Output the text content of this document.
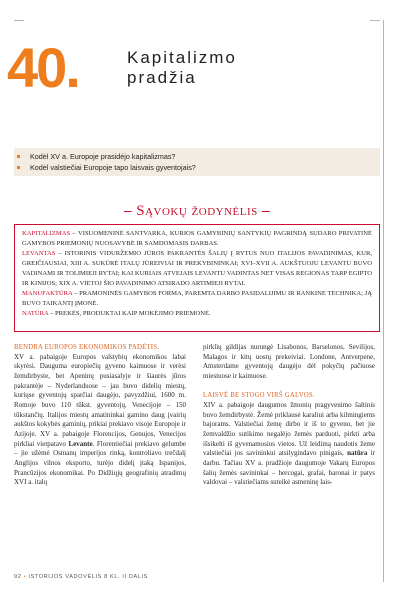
40.	Kapitalizmo
pradžia
Kodėl XV a. Europoje prasidėjo kapitalizmas?
Kodėl valstiečiai Europoje tapo laisvais gyventojais?
– Sąvokų žodynėlis –
KAPITALIZMAS – VISUOMENINĖ SANTVARKA, KURIOS GAMYBINIŲ SANTYKIŲ PAGRINDĄ SUDARO PRIVATINĖ GAMYBOS PRIEMONIŲ NUOSAVYBĖ IR SAMDOMASIS DARBAS.
LEVANTAS – ISTORINIS VIDURŽEMIO JŪROS PAKRANTĖS ŠALIŲ Į RYTUS NUO ITALIJOS PAVADINIMAS, KUR, GREIČIAUSIAI, XIII A. SUKŪRĖ ITALŲ JŪREIVIAI IR PREKYBININKAI; XVI–XVII A. AUKŠTUOJU LEVANTU BUVO VADINAMI IR TOLIMIEJI RYTAI; KAI KURIAIS ATVEJAIS LEVANTU VADINTAS NET VISAS REGIONAS TARP EGIPTO IR KINIJOS; XIX A. VIETOJ ŠIO PAVADINIMO ATSIRADO ARTIMIEJI RYTAI.
MANUFAKTŪRA – PRAMONINĖS GAMYBOS FORMA, PAREMTA DARBO PASIDALIJIMU IR RANKINE TECHNIKA; JĄ BUVO TAIKANTĮ ĮMONĖ.
NATŪRA – PREKĖS, PRODUKTAI KAIP MOKĖJIMO PRIEMONĖ.
BENDRA EUROPOS EKONOMIKOS PADĖTIS.
XV a. pabaigoje Europos valstybių ekonomikos labai skyrėsi. Dauguma europiečių gyveno kaimuose ir verėsi žemdirbyste, bet Apeninų pusiasalyje ir šiaurės jūros pakrantėje – Nyderlanduose – jau buvo didelių miestų, kuriųse gyventojų sparčiai daugėjo, pavyzdžiui, 1600 m. Romoje buvo 110 tūkst. gyventojų, Venecijoje – 150 tūkstančių. Italijos miestų amatininkai gamino daug įvairių aukštos kokybės gaminių, prikiai prekiavo visoje Europoje ir Azijoje. XV a. pabaigoje Florencijos, Genujos, Venecijos pirkliai vietpatavo Levante. Florentiečiai prekiavo gelumbe – jie užėmė Osmanų imperijos rinką, kontroliavo trečdalį Anglijos vilnos eksporto, turėjo didelį įtaką Ispanijos, Prancūzijos ekonomikai. Po Didžiųjų geografinių atradimų XVI a. italų
pirklių gildijas nurungė Lisabonos, Barselonos, Sevilijos, Malagos ir kitų uostų prekeiviai. Londone, Antverpene, Amsterdame gyventojų daugėjo dėl pokyčių pačiuose miestuose ir kaimuose.
LAISVĖ BE STOGO VIRŠ GALVOS.
XIV a. pabaigoje daugumos žmonių pragyvenimo šaltinis buvo žemdirbystė. Žemė priklausė karaliui arba kilmingiems bajorams. Valstiečiai žemę dirbo ir iš to gyveno, bet jie žemvaldžio sutikimo negalėjo žemės parduoti, pirkti arba išsikelti iš gyvenamosios vietos. Už leidimą naudotis žeme valstiečiai jos savininkui atsilygindavo pinigais, natūra ir darbu. Tačiau XV a. pradžioje daugumoje Vakarų Europos šalių žemės savininkai – hercogai, grafai, baronai ir patys valdovai – valstiečiams suteikė asmeninę lais-
92 • ISTORIJOS VADOVĖLIS 8 KL. II DALIS
